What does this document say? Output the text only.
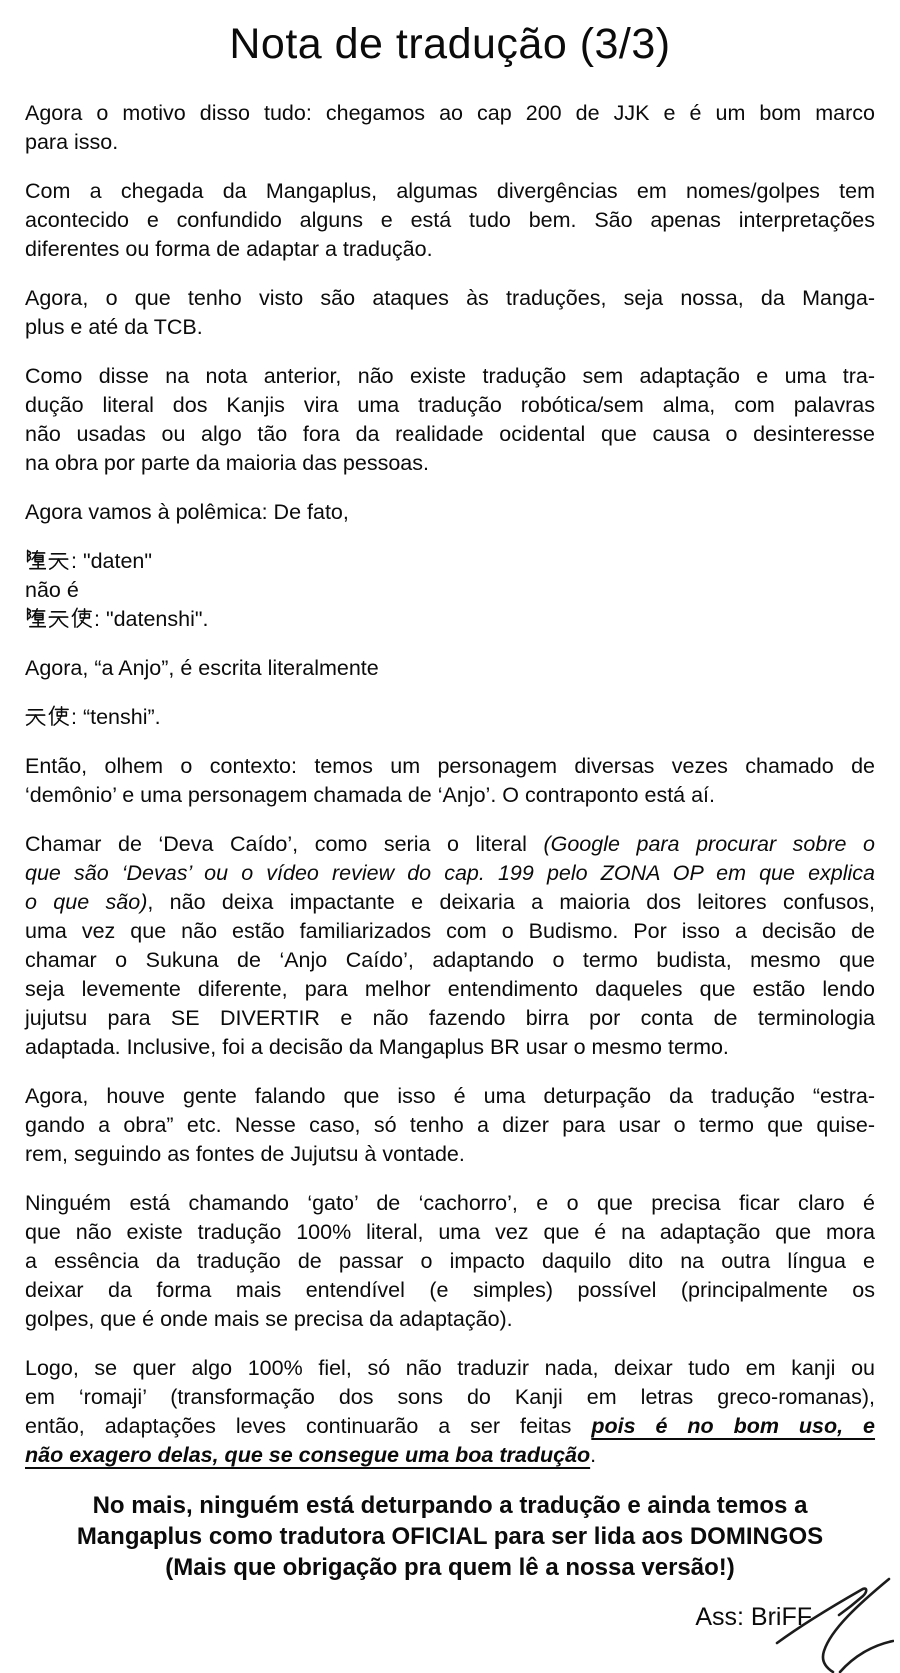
Nota de tradução (3/3)
Agora o motivo disso tudo: chegamos ao cap 200 de JJK e é um bom marco
para isso.
Com a chegada da Mangaplus, algumas divergências em nomes/golpes tem
acontecido e confundido alguns e está tudo bem. São apenas interpretações
diferentes ou forma de adaptar a tradução.
Agora, o que tenho visto são ataques às traduções, seja nossa, da Manga-
plus e até da TCB.
Como disse na nota anterior, não existe tradução sem adaptação e uma tra-
dução literal dos Kanjis vira uma tradução robótica/sem alma, com palavras
não usadas ou algo tão fora da realidade ocidental que causa o desinteresse
na obra por parte da maioria das pessoas.
Agora vamos à polêmica: De fato,
: "daten"
não é
: "datenshi".
Agora, “a Anjo”, é escrita literalmente
: “tenshi”.
Então, olhem o contexto: temos um personagem diversas vezes chamado de
‘demônio’ e uma personagem chamada de ‘Anjo’. O contraponto está aí.
Chamar de ‘Deva Caído’, como seria o literal (Google para procurar sobre o
que são ‘Devas’ ou o vídeo review do cap. 199 pelo ZONA OP em que explica
o que são), não deixa impactante e deixaria a maioria dos leitores confusos,
uma vez que não estão familiarizados com o Budismo. Por isso a decisão de
chamar o Sukuna de ‘Anjo Caído’, adaptando o termo budista, mesmo que
seja levemente diferente, para melhor entendimento daqueles que estão lendo
jujutsu para SE DIVERTIR e não fazendo birra por conta de terminologia
adaptada. Inclusive, foi a decisão da Mangaplus BR usar o mesmo termo.
Agora, houve gente falando que isso é uma deturpação da tradução “estra-
gando a obra” etc. Nesse caso, só tenho a dizer para usar o termo que quise-
rem, seguindo as fontes de Jujutsu à vontade.
Ninguém está chamando ‘gato’ de ‘cachorro’, e o que precisa ficar claro é
que não existe tradução 100% literal, uma vez que é na adaptação que mora
a essência da tradução de passar o impacto daquilo dito na outra língua e
deixar da forma mais entendível (e simples) possível (principalmente os
golpes, que é onde mais se precisa da adaptação).
Logo, se quer algo 100% fiel, só não traduzir nada, deixar tudo em kanji ou
em ‘romaji’ (transformação dos sons do Kanji em letras greco-romanas),
então, adaptações leves continuarão a ser feitas pois é no bom uso, e
não exagero delas, que se consegue uma boa tradução.
No mais, ninguém está deturpando a tradução e ainda temos a
Mangaplus como tradutora OFICIAL para ser lida aos DOMINGOS
(Mais que obrigação pra quem lê a nossa versão!)
Ass: BriFF
